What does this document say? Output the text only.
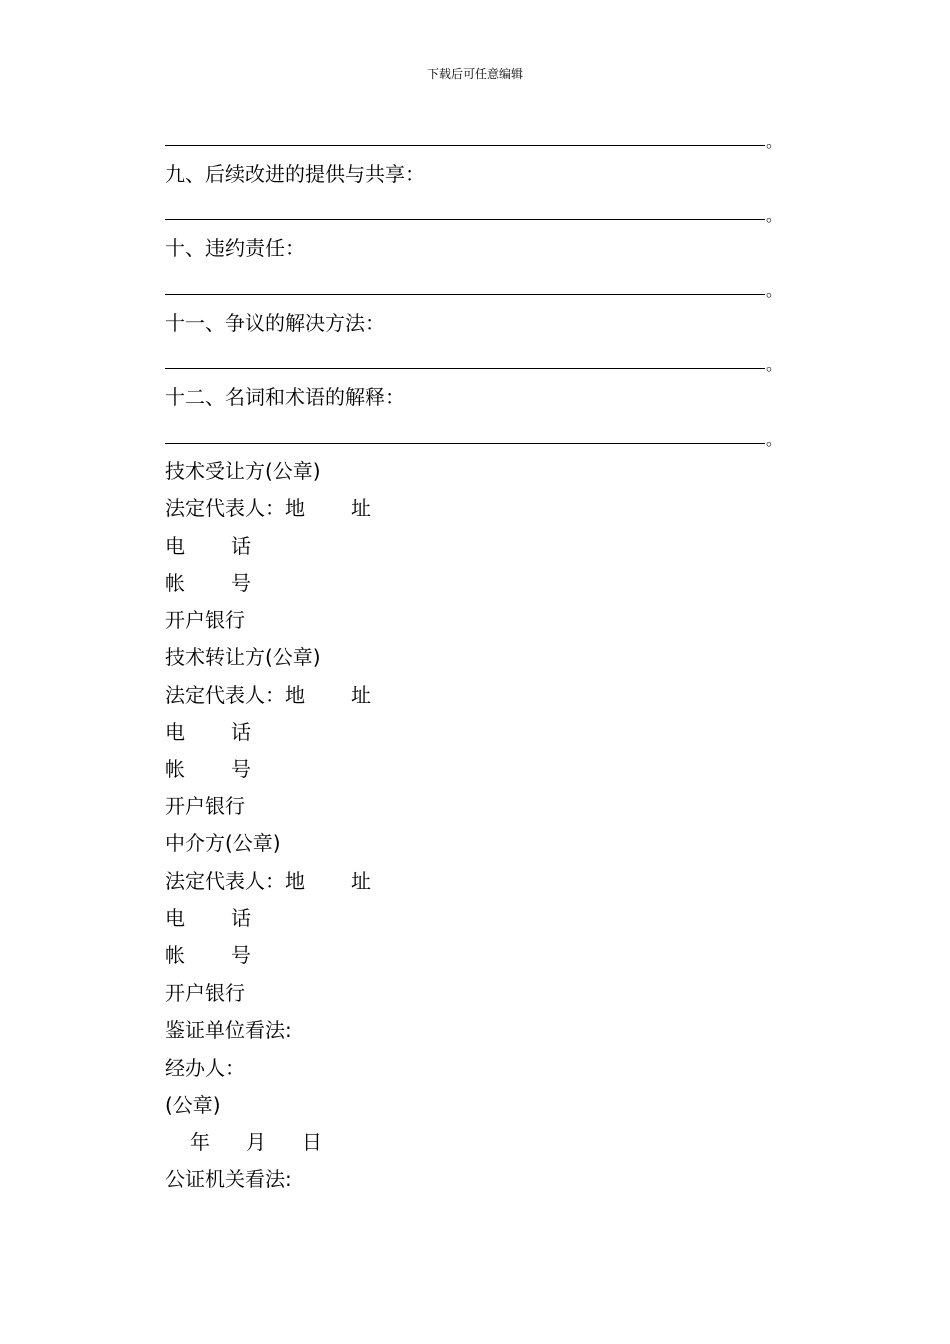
下载后可任意编辑
。
九、后续改进的提供与共享：
。
十、违约责任：
。
十一、争议的解决方法：
。
十二、名词和术语的解释：
。
技术受让方(公章)
法定代表人：地 址
电 话
帐 号
开户银行
技术转让方(公章)
法定代表人：地 址
电 话
帐 号
开户银行
中介方(公章)
法定代表人：地 址
电 话
帐 号
开户银行
鉴证单位看法:
经办人：
(公章)
年 月 日
公证机关看法:
